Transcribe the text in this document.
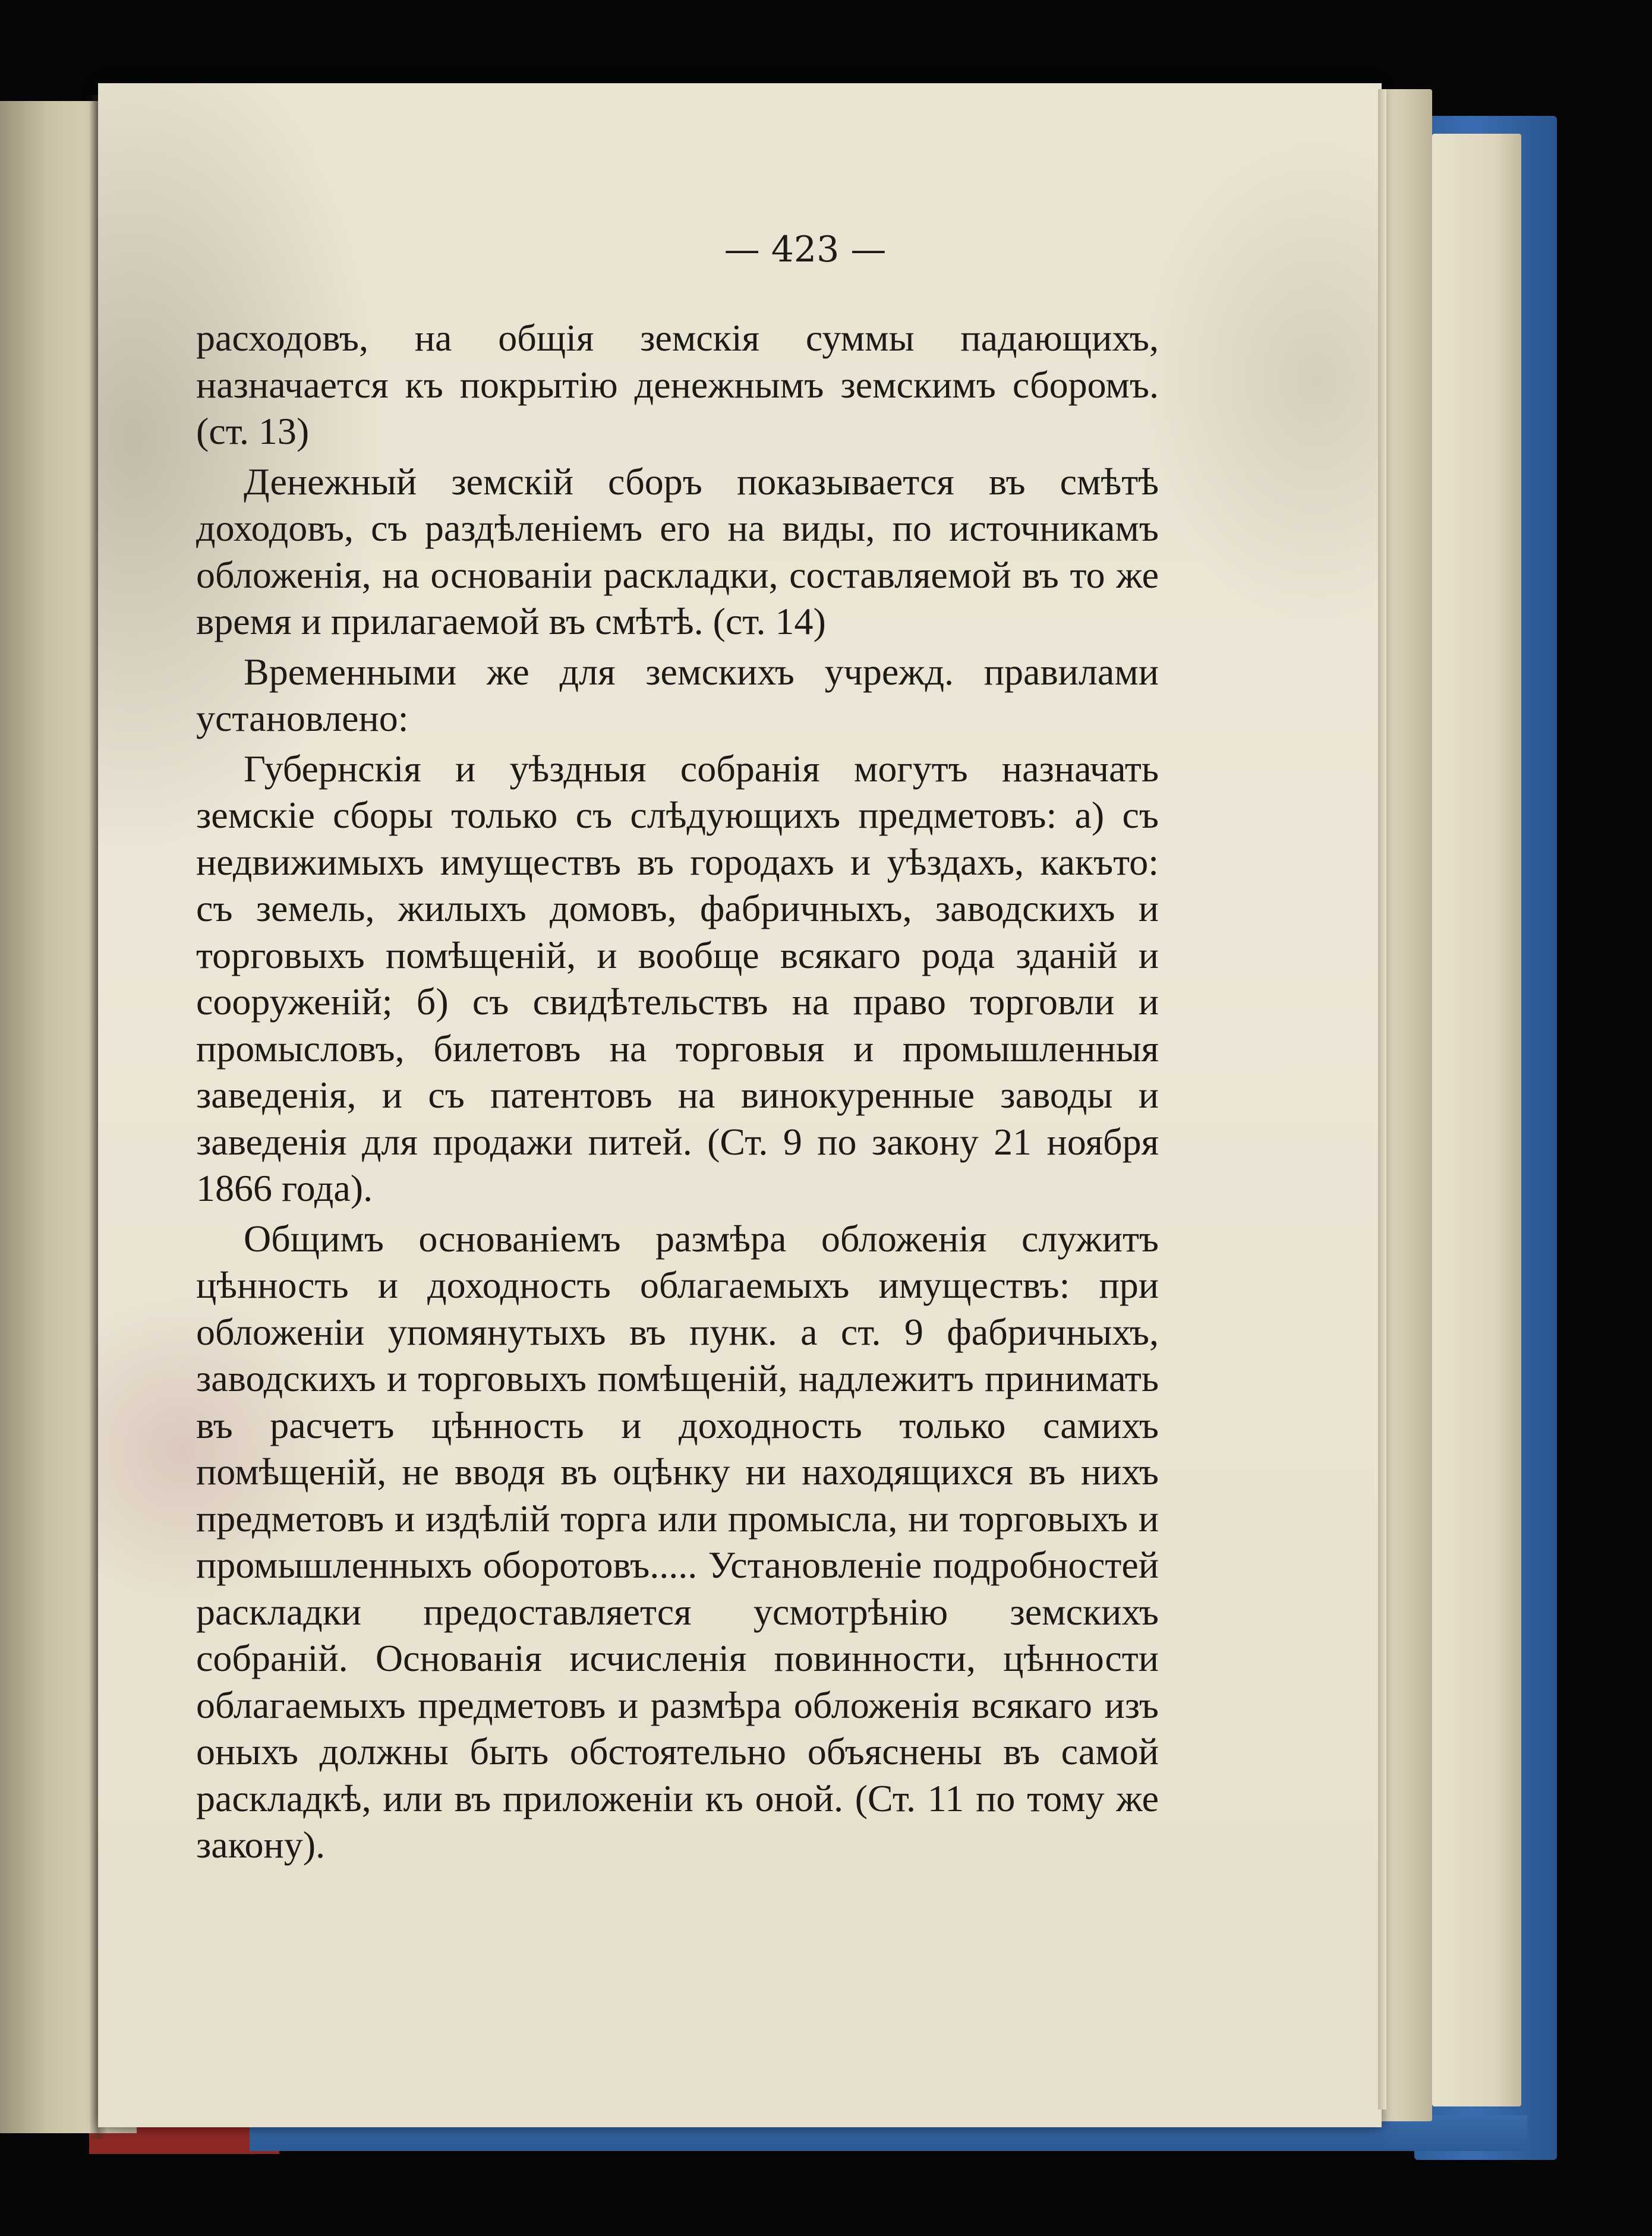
— 423 —

расходовъ, на общія земскія суммы падающихъ, назначается къ покрытію денежнымъ земскимъ сборомъ. (ст. 13)

Денежный земскій сборъ показывается въ смѣтѣ доходовъ, съ раздѣленіемъ его на виды, по источникамъ обложенія, на основаніи раскладки, составляемой въ то же время и прилагаемой въ смѣтѣ. (ст. 14)

Временными же для земскихъ учрежд. правилами установлено:

Губернскія и уѣздныя собранія могутъ назначать земскіе сборы только съ слѣдующихъ предметовъ: а) съ недвижимыхъ имуществъ въ городахъ и уѣздахъ, какъто: съ земель, жилыхъ домовъ, фабричныхъ, заводскихъ и торговыхъ помѣщеній, и вообще всякаго рода зданій и сооруженій; б) съ свидѣтельствъ на право торговли и промысловъ, билетовъ на торговыя и промышленныя заведенія, и съ патентовъ на винокуренные заводы и заведенія для продажи питей. (Ст. 9 по закону 21 ноября 1866 года).

Общимъ основаніемъ размѣра обложенія служитъ цѣнность и доходность облагаемыхъ имуществъ: при обложеніи упомянутыхъ въ пунк. а ст. 9 фабричныхъ, заводскихъ и торговыхъ помѣщеній, надлежитъ принимать въ расчетъ цѣнность и доходность только самихъ помѣщеній, не вводя въ оцѣнку ни находящихся въ нихъ предметовъ и издѣлій торга или промысла, ни торговыхъ и промышленныхъ оборотовъ..... Установленіе подробностей раскладки предоставляется усмотрѣнію земскихъ собраній. Основанія исчисленія повинности, цѣнности облагаемыхъ предметовъ и размѣра обложенія всякаго изъ оныхъ должны быть обстоятельно объяснены въ самой раскладкѣ, или въ приложеніи къ оной. (Ст. 11 по тому же закону).
